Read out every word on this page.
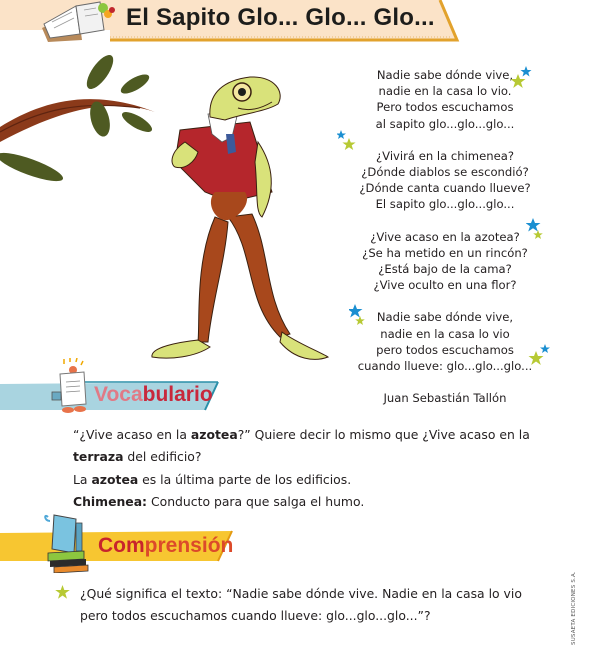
El Sapito Glo... Glo... Glo...
Nadie sabe dónde vive,
nadie en la casa lo vio.
Pero todos escuchamos
al sapito glo...glo...glo...
¿Vivirá en la chimenea?
¿Dónde diablos se escondió?
¿Dónde canta cuando llueve?
El sapito glo...glo...glo...
¿Vive acaso en la azotea?
¿Se ha metido en un rincón?
¿Está bajo de la cama?
¿Vive oculto en una flor?
Nadie sabe dónde vive,
nadie en la casa lo vio
pero todos escuchamos
cuando llueve: glo...glo...glo...
Juan Sebastián Tallón
Vocabulario
“¿Vive acaso en la azotea?” Quiere decir lo mismo que ¿Vive acaso en la
terraza del edificio?
La azotea es la última parte de los edificios.
Chimenea: Conducto para que salga el humo.
Comprensión
¿Qué significa el texto: “Nadie sabe dónde vive. Nadie en la casa lo vio
pero todos escuchamos cuando llueve: glo...glo...glo...”?	SUSAETA EDICIONES S.A.
